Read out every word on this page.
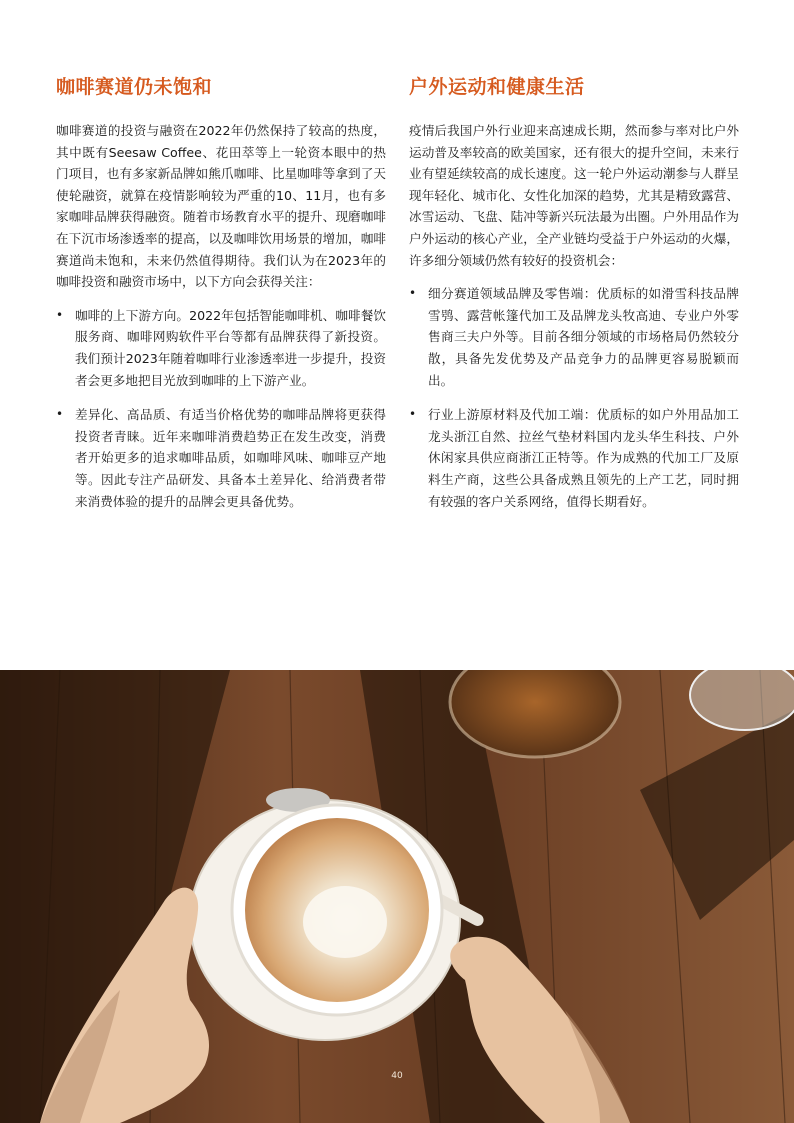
咖啡赛道仍未饱和

咖啡赛道的投资与融资在2022年仍然保持了较高的热度，其中既有Seesaw Coffee、花田萃等上一轮资本眼中的热门项目，也有多家新品牌如熊爪咖啡、比星咖啡等拿到了天使轮融资，就算在疫情影响较为严重的10、11月，也有多家咖啡品牌获得融资。随着市场教育水平的提升、现磨咖啡在下沉市场渗透率的提高，以及咖啡饮用场景的增加，咖啡赛道尚未饱和，未来仍然值得期待。我们认为在2023年的咖啡投资和融资市场中，以下方向会获得关注：

• 咖啡的上下游方向。2022年包括智能咖啡机、咖啡餐饮服务商、咖啡网购软件平台等都有品牌获得了新投资。我们预计2023年随着咖啡行业渗透率进一步提升，投资者会更多地把目光放到咖啡的上下游产业。
• 差异化、高品质、有适当价格优势的咖啡品牌将更获得投资者青睐。近年来咖啡消费趋势正在发生改变，消费者开始更多的追求咖啡品质，如咖啡风味、咖啡豆产地等。因此专注产品研发、具备本土差异化、给消费者带来消费体验的提升的品牌会更具备优势。
户外运动和健康生活

疫情后我国户外行业迎来高速成长期，然而参与率对比户外运动普及率较高的欧美国家，还有很大的提升空间，未来行业有望延续较高的成长速度。这一轮户外运动潮参与人群呈现年轻化、城市化、女性化加深的趋势，尤其是精致露营、冰雪运动、飞盘、陆冲等新兴玩法最为出圈。户外用品作为户外运动的核心产业，全产业链均受益于户外运动的火爆，许多细分领域仍然有较好的投资机会：

• 细分赛道领域品牌及零售端：优质标的如滑雪科技品牌雪鸮、露营帐篷代加工及品牌龙头牧高迪、专业户外零售商三夫户外等。目前各细分领域的市场格局仍然较分散，具备先发优势及产品竞争力的品牌更容易脱颖而出。
• 行业上游原材料及代加工端：优质标的如户外用品加工龙头浙江自然、拉丝气垫材料国内龙头华生科技、户外休闲家具供应商浙江正特等。作为成熟的代加工厂及原料生产商，这些公具备成熟且领先的上产工艺，同时拥有较强的客户关系网络，值得长期看好。
40
